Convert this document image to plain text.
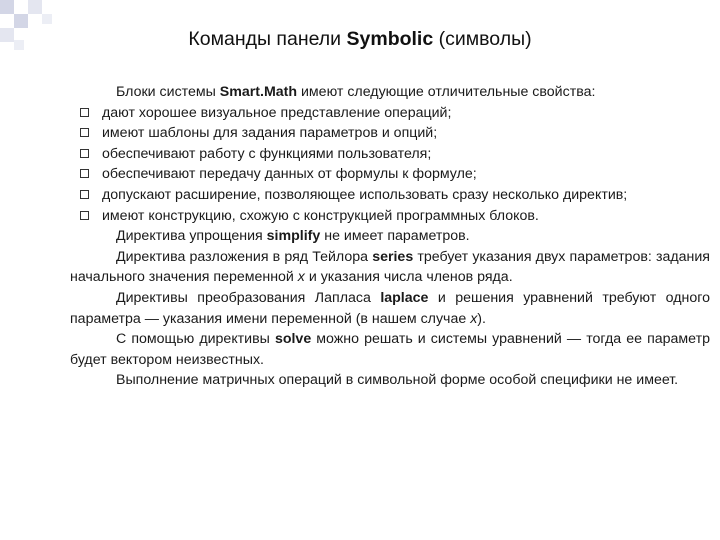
Команды панели Symbolic (символы)

Блоки системы Smart.Math имеют следующие отличительные свойства:

дают хорошее визуальное представление операций;

имеют шаблоны для задания параметров и опций;

обеспечивают работу с функциями пользователя;

обеспечивают передачу данных от формулы к формуле;

допускают расширение, позволяющее использовать сразу несколько директив;

имеют конструкцию, схожую с конструкцией программных блоков.

Директива упрощения simplify не имеет параметров.

Директива разложения в ряд Тейлора series требует указания двух параметров: задания начального значения переменной x и указания числа членов ряда.

Директивы преобразования Лапласа laplace и решения уравнений требуют одного параметра — указания имени переменной (в нашем случае x).

С помощью директивы solve можно решать и системы уравнений — тогда ее параметр будет вектором неизвестных.

Выполнение матричных операций в символьной форме особой специфики не имеет.
